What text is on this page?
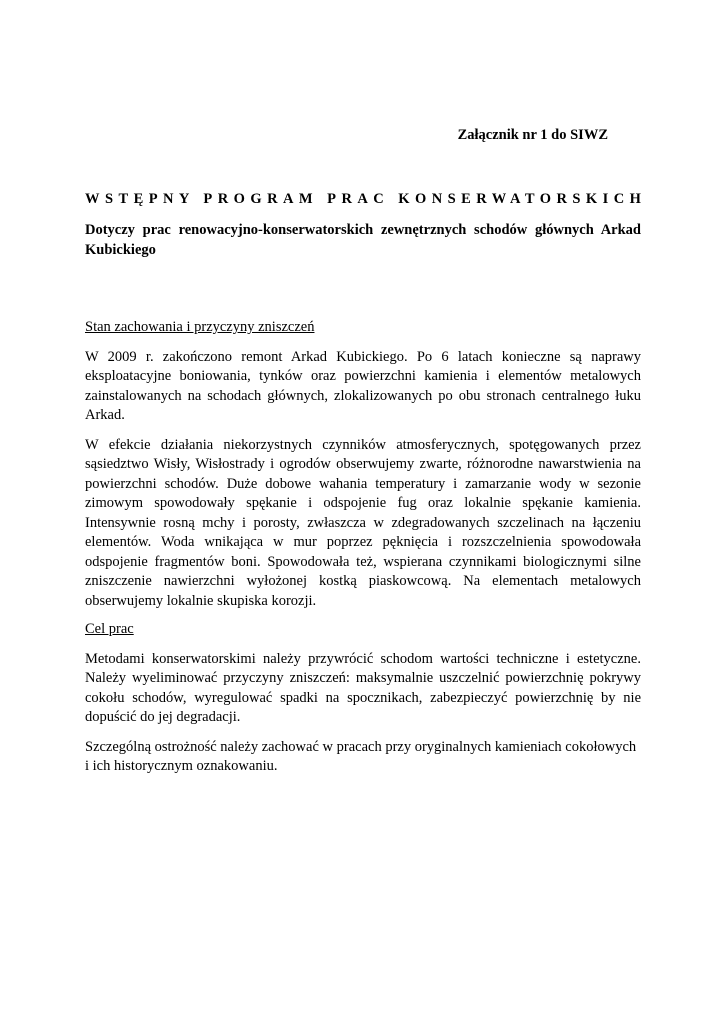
Załącznik nr 1 do SIWZ
WSTĘPNY PROGRAM PRAC KONSERWATORSKICH

Dotyczy prac renowacyjno-konserwatorskich zewnętrznych schodów głównych Arkad Kubickiego

Stan zachowania i przyczyny zniszczeń

W 2009 r. zakończono remont Arkad Kubickiego. Po 6 latach konieczne są naprawy eksploatacyjne boniowania, tynków oraz powierzchni kamienia i elementów metalowych zainstalowanych na schodach głównych, zlokalizowanych po obu stronach centralnego łuku Arkad.

W efekcie działania niekorzystnych czynników atmosferycznych, spotęgowanych przez sąsiedztwo Wisły, Wisłostrady i ogrodów obserwujemy zwarte, różnorodne nawarstwienia na powierzchni schodów. Duże dobowe wahania temperatury i zamarzanie wody w sezonie zimowym spowodowały spękanie i odspojenie fug oraz lokalnie spękanie kamienia. Intensywnie rosną mchy i porosty, zwłaszcza w zdegradowanych szczelinach na łączeniu elementów. Woda wnikająca w mur poprzez pęknięcia i rozszczelnienia spowodowała odspojenie fragmentów boni. Spowodowała też, wspierana czynnikami biologicznymi silne zniszczenie nawierzchni wyłożonej kostką piaskowcową. Na elementach metalowych obserwujemy lokalnie skupiska korozji.

Cel prac

Metodami konserwatorskimi należy przywrócić schodom wartości techniczne i estetyczne. Należy wyeliminować przyczyny zniszczeń: maksymalnie uszczelnić powierzchnię pokrywy cokołu schodów, wyregulować spadki na spocznikach, zabezpieczyć powierzchnię by nie dopuścić do jej degradacji.

Szczególną ostrożność należy zachować w pracach przy oryginalnych kamieniach cokołowych

i ich historycznym oznakowaniu.
